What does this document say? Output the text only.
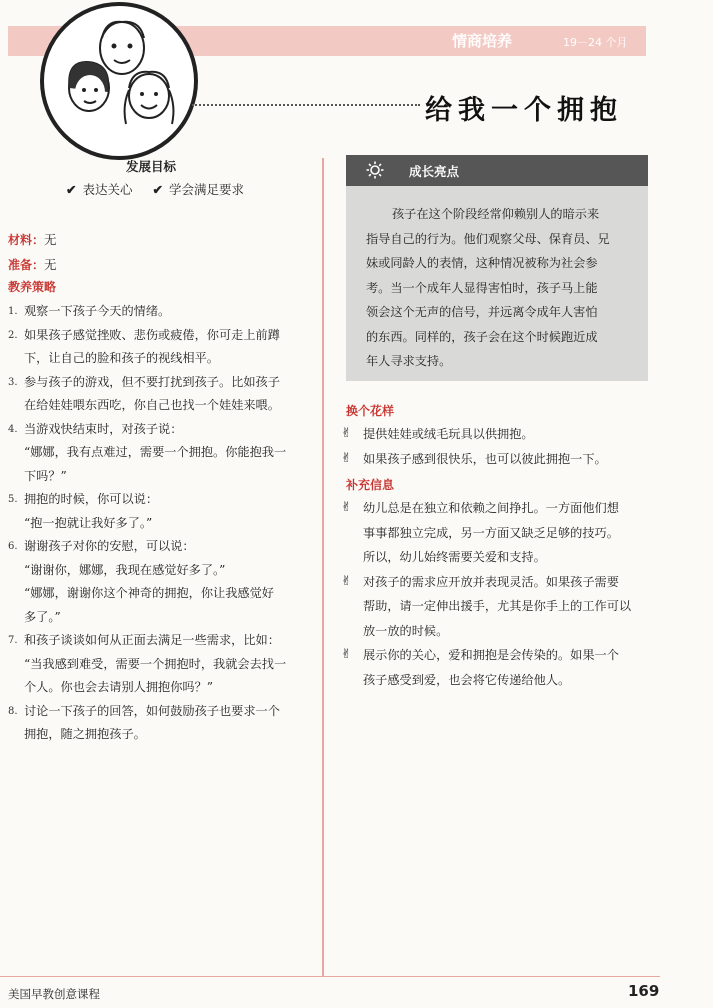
情商培养	19－24 个月
给我一个拥抱
发展目标
✔ 表达关心 ✔ 学会满足要求
材料：无
准备：无
教养策略
1. 观察一下孩子今天的情绪。
2. 如果孩子感觉挫败、悲伤或疲倦，你可走上前蹲
下，让自己的脸和孩子的视线相平。
3. 参与孩子的游戏，但不要打扰到孩子。比如孩子
在给娃娃喂东西吃，你自己也找一个娃娃来喂。
4. 当游戏快结束时，对孩子说：
“娜娜，我有点难过，需要一个拥抱。你能抱我一
下吗？”
5. 拥抱的时候，你可以说：
“抱一抱就让我好多了。”
6. 谢谢孩子对你的安慰，可以说：
“谢谢你，娜娜，我现在感觉好多了。”
“娜娜，谢谢你这个神奇的拥抱，你让我感觉好
多了。”
7. 和孩子谈谈如何从正面去满足一些需求，比如：
“当我感到难受，需要一个拥抱时，我就会去找一
个人。你也会去请别人拥抱你吗？”
8. 讨论一下孩子的回答，如何鼓励孩子也要求一个
拥抱，随之拥抱孩子。
成长亮点
孩子在这个阶段经常仰赖别人的暗示来
指导自己的行为。他们观察父母、保育员、兄
妹或同龄人的表情，这种情况被称为社会参
考。当一个成年人显得害怕时，孩子马上能
领会这个无声的信号，并远离令成年人害怕
的东西。同样的，孩子会在这个时候跑近成
年人寻求支持。
换个花样
✌ 提供娃娃或绒毛玩具以供拥抱。
✌ 如果孩子感到很快乐，也可以彼此拥抱一下。
补充信息
✌ 幼儿总是在独立和依赖之间挣扎。一方面他们想
事事都独立完成，另一方面又缺乏足够的技巧。
所以，幼儿始终需要关爱和支持。
✌ 对孩子的需求应开放并表现灵活。如果孩子需要
帮助，请一定伸出援手，尤其是你手上的工作可以
放一放的时候。
✌ 展示你的关心，爱和拥抱是会传染的。如果一个
孩子感受到爱，也会将它传递给他人。
美国早教创意课程	169
